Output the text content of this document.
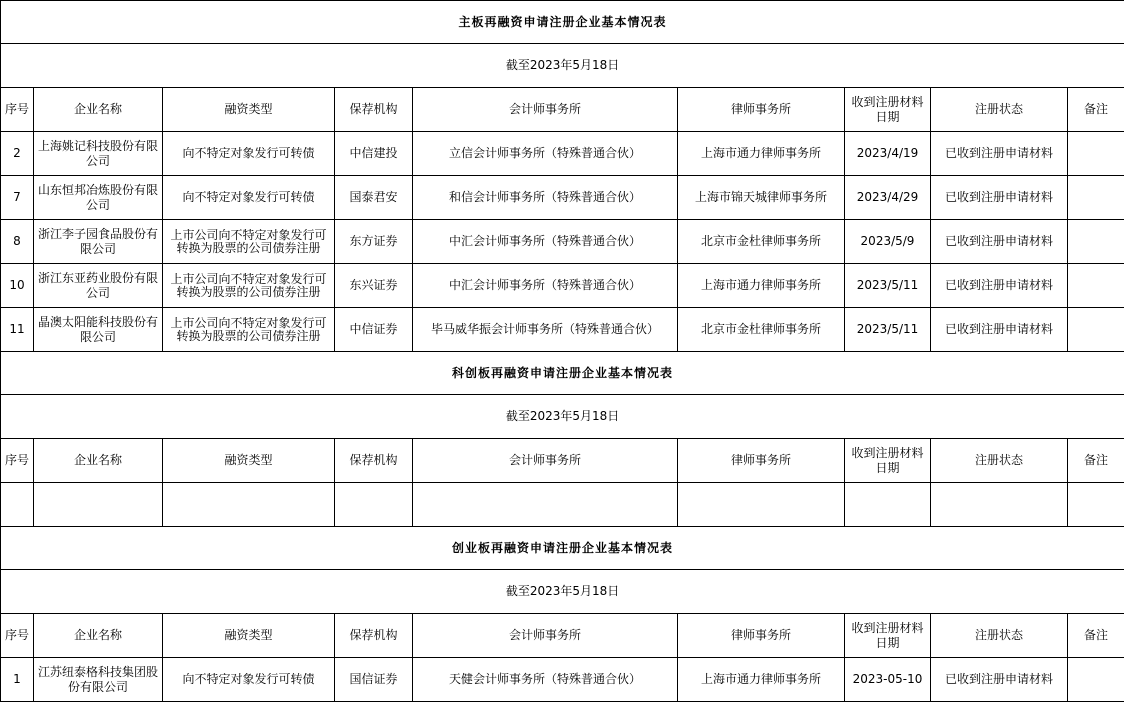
主板再融资申请注册企业基本情况表								
截至2023年5月18日								
序号	企业名称	融资类型	保荐机构	会计师事务所	律师事务所	收到注册材料日期	注册状态	备注
2	上海姚记科技股份有限公司	向不特定对象发行可转债	中信建投	立信会计师事务所（特殊普通合伙）	上海市通力律师事务所	2023/4/19	已收到注册申请材料	
7	山东恒邦冶炼股份有限公司	向不特定对象发行可转债	国泰君安	和信会计师事务所（特殊普通合伙）	上海市锦天城律师事务所	2023/4/29	已收到注册申请材料	
8	浙江李子园食品股份有限公司	上市公司向不特定对象发行可转换为股票的公司债券注册	东方证券	中汇会计师事务所（特殊普通合伙）	北京市金杜律师事务所	2023/5/9	已收到注册申请材料	
10	浙江东亚药业股份有限公司	上市公司向不特定对象发行可转换为股票的公司债券注册	东兴证券	中汇会计师事务所（特殊普通合伙）	上海市通力律师事务所	2023/5/11	已收到注册申请材料	
11	晶澳太阳能科技股份有限公司	上市公司向不特定对象发行可转换为股票的公司债券注册	中信证券	毕马威华振会计师事务所（特殊普通合伙）	北京市金杜律师事务所	2023/5/11	已收到注册申请材料	
科创板再融资申请注册企业基本情况表								
截至2023年5月18日								
序号	企业名称	融资类型	保荐机构	会计师事务所	律师事务所	收到注册材料日期	注册状态	备注

创业板再融资申请注册企业基本情况表								
截至2023年5月18日								
序号	企业名称	融资类型	保荐机构	会计师事务所	律师事务所	收到注册材料日期	注册状态	备注
1	江苏纽泰格科技集团股份有限公司	向不特定对象发行可转债	国信证券	天健会计师事务所（特殊普通合伙）	上海市通力律师事务所	2023-05-10	已收到注册申请材料	
